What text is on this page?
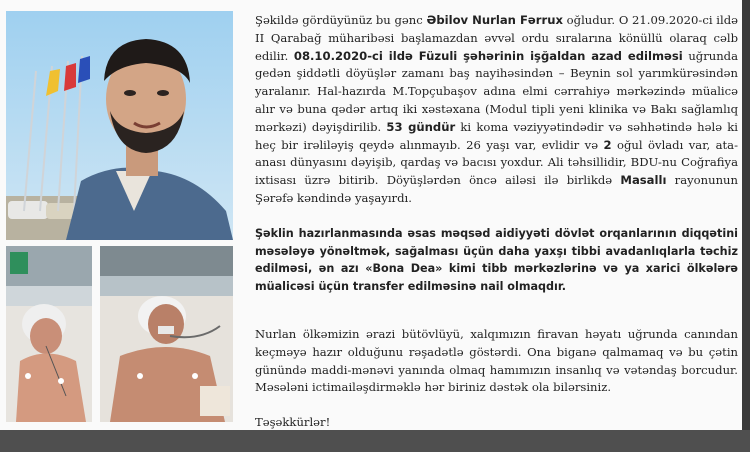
Şəkildə gördüyünüz bu gənc Əbilov Nurlan Fərrux oğludur. O 21.09.2020-ci ildə II Qarabağ müharibəsi başlamazdan əvvəl ordu sıralarına könüllü olaraq cəlb edilir. 08.10.2020-ci ildə Füzuli şəhərinin işğaldan azad edilməsi uğrunda gedən şiddətli döyüşlər zamanı baş nayihəsindən – Beynin sol yarımkürəsindən yaralanır. Hal-hazırda M.Topçubaşov adına elmi cərrahiyə mərkəzində müalicə alır və buna qədər artıq iki xəstəxana (Modul tipli yeni klinika və Bakı sağlamlıq mərkəzi) dəyişdirilib. 53 gündür ki koma vəziyyətindədir və səhhətində hələ ki heç bir irəliləyiş qeydə alınmayıb. 26 yaşı var, evlidir və 2 oğul övladı var, ata-anası dünyasını dəyişib, qardaş və bacısı yoxdur. Ali təhsillidir, BDU-nu Coğrafiya ixtisası üzrə bitirib. Döyüşlərdən öncə ailəsi ilə birlikdə Masallı rayonunun Şərəfə kəndində yaşayırdı.

Şəklin hazırlanmasında əsas məqsəd aidiyyəti dövlət orqanlarının diqqətini məsələyə yönəltmək, sağalması üçün daha yaxşı tibbi avadanlıqlarla təchiz edilməsi, ən azı «Bona Dea» kimi tibb mərkəzlərinə və ya xarici ölkələrə müalicəsi üçün transfer edilməsinə nail olmaqdır.

Nurlan ölkəmizin ərazi bütövlüyü, xalqımızın firavan həyatı uğrunda canından keçməyə hazır olduğunu rəşadətlə göstərdi. Ona biganə qalmamaq və bu çətin günündə maddi-mənəvi yanında olmaq hamımızın insanlıq və vətəndaş borcudur. Məsələni ictimailəşdirməklə hər biriniz dəstək ola bilərsiniz.

Təşəkkürlər!
